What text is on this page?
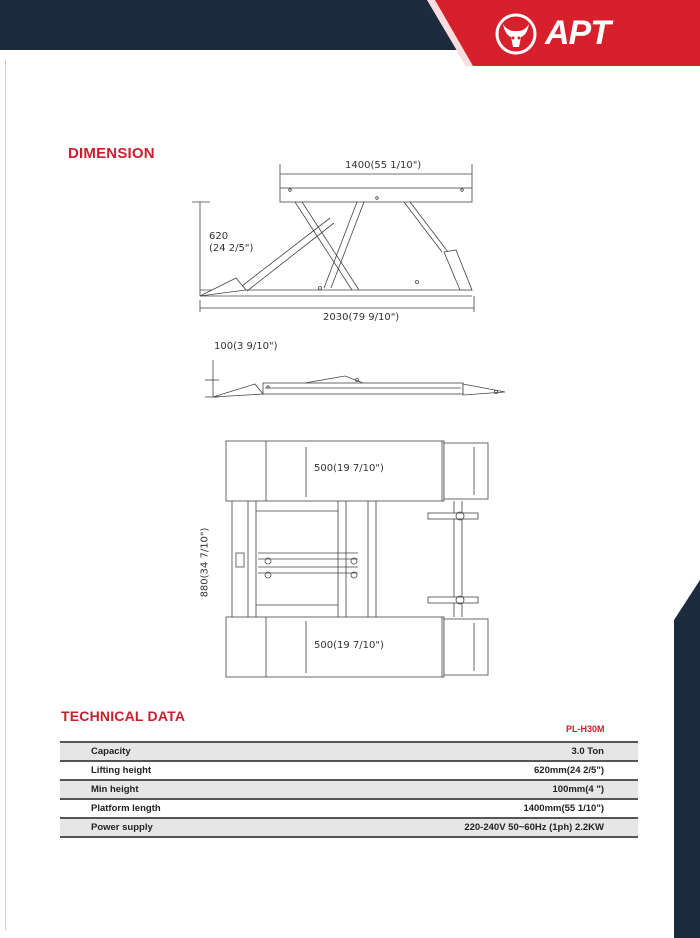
APT
DIMENSION
1400(55 1/10")
620
(24 2/5")
2030(79 9/10")
100(3 9/10")
500(19 7/10")
500(19 7/10")
880(34 7/10")
TECHNICAL DATA
PL-H30M
Capacity	3.0 Ton
Lifting height	620mm(24 2/5")
Min height	100mm(4 ")
Platform length	1400mm(55 1/10")
Power supply	220-240V 50~60Hz (1ph) 2.2KW
